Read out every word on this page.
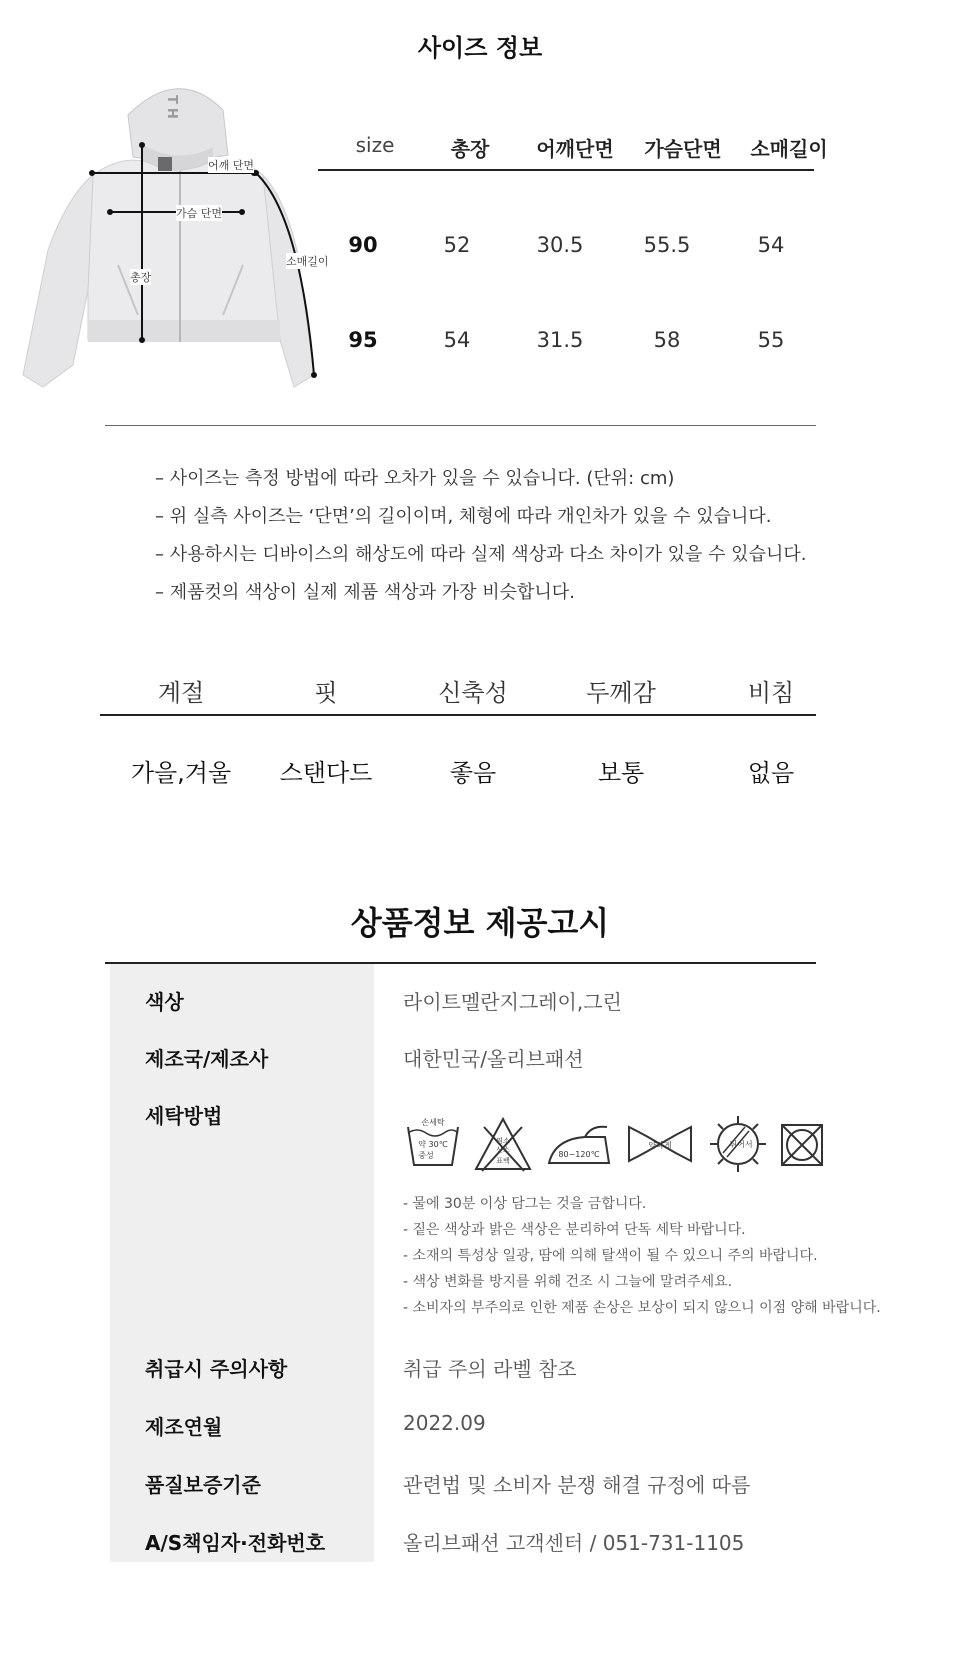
사이즈 정보
TH
어깨 단면
가슴 단면
총장
소매길이
size	총장	어깨단면	가슴단면	소매길이
90	52	30.5	55.5	54
95	54	31.5	58	55
– 사이즈는 측정 방법에 따라 오차가 있을 수 있습니다. (단위: cm)
– 위 실측 사이즈는 ‘단면’의 길이이며, 체형에 따라 개인차가 있을 수 있습니다.
– 사용하시는 디바이스의 해상도에 따라 실제 색상과 다소 차이가 있을 수 있습니다.
– 제품컷의 색상이 실제 제품 색상과 가장 비슷합니다.
계절	핏	신축성	두께감	비침
가을,겨울	스탠다드	좋음	보통	없음
상품정보 제공고시
색상	라이트멜란지그레이,그린
제조국/제조사	대한민국/올리브패션
세탁방법	손세탁
약 30℃
중성
염소
산소
표백
80~120℃
약하게	뉘어서
- 물에 30분 이상 담그는 것을 금합니다.
- 짙은 색상과 밝은 색상은 분리하여 단독 세탁 바랍니다.
- 소재의 특성상 일광, 땀에 의해 탈색이 될 수 있으니 주의 바랍니다.
- 색상 변화를 방지를 위해 건조 시 그늘에 말려주세요.
- 소비자의 부주의로 인한 제품 손상은 보상이 되지 않으니 이점 양해 바랍니다.
취급시 주의사항	취급 주의 라벨 참조
제조연월	2022.09
품질보증기준	관련법 및 소비자 분쟁 해결 규정에 따름
A/S책임자·전화번호	올리브패션 고객센터 / 051-731-1105
